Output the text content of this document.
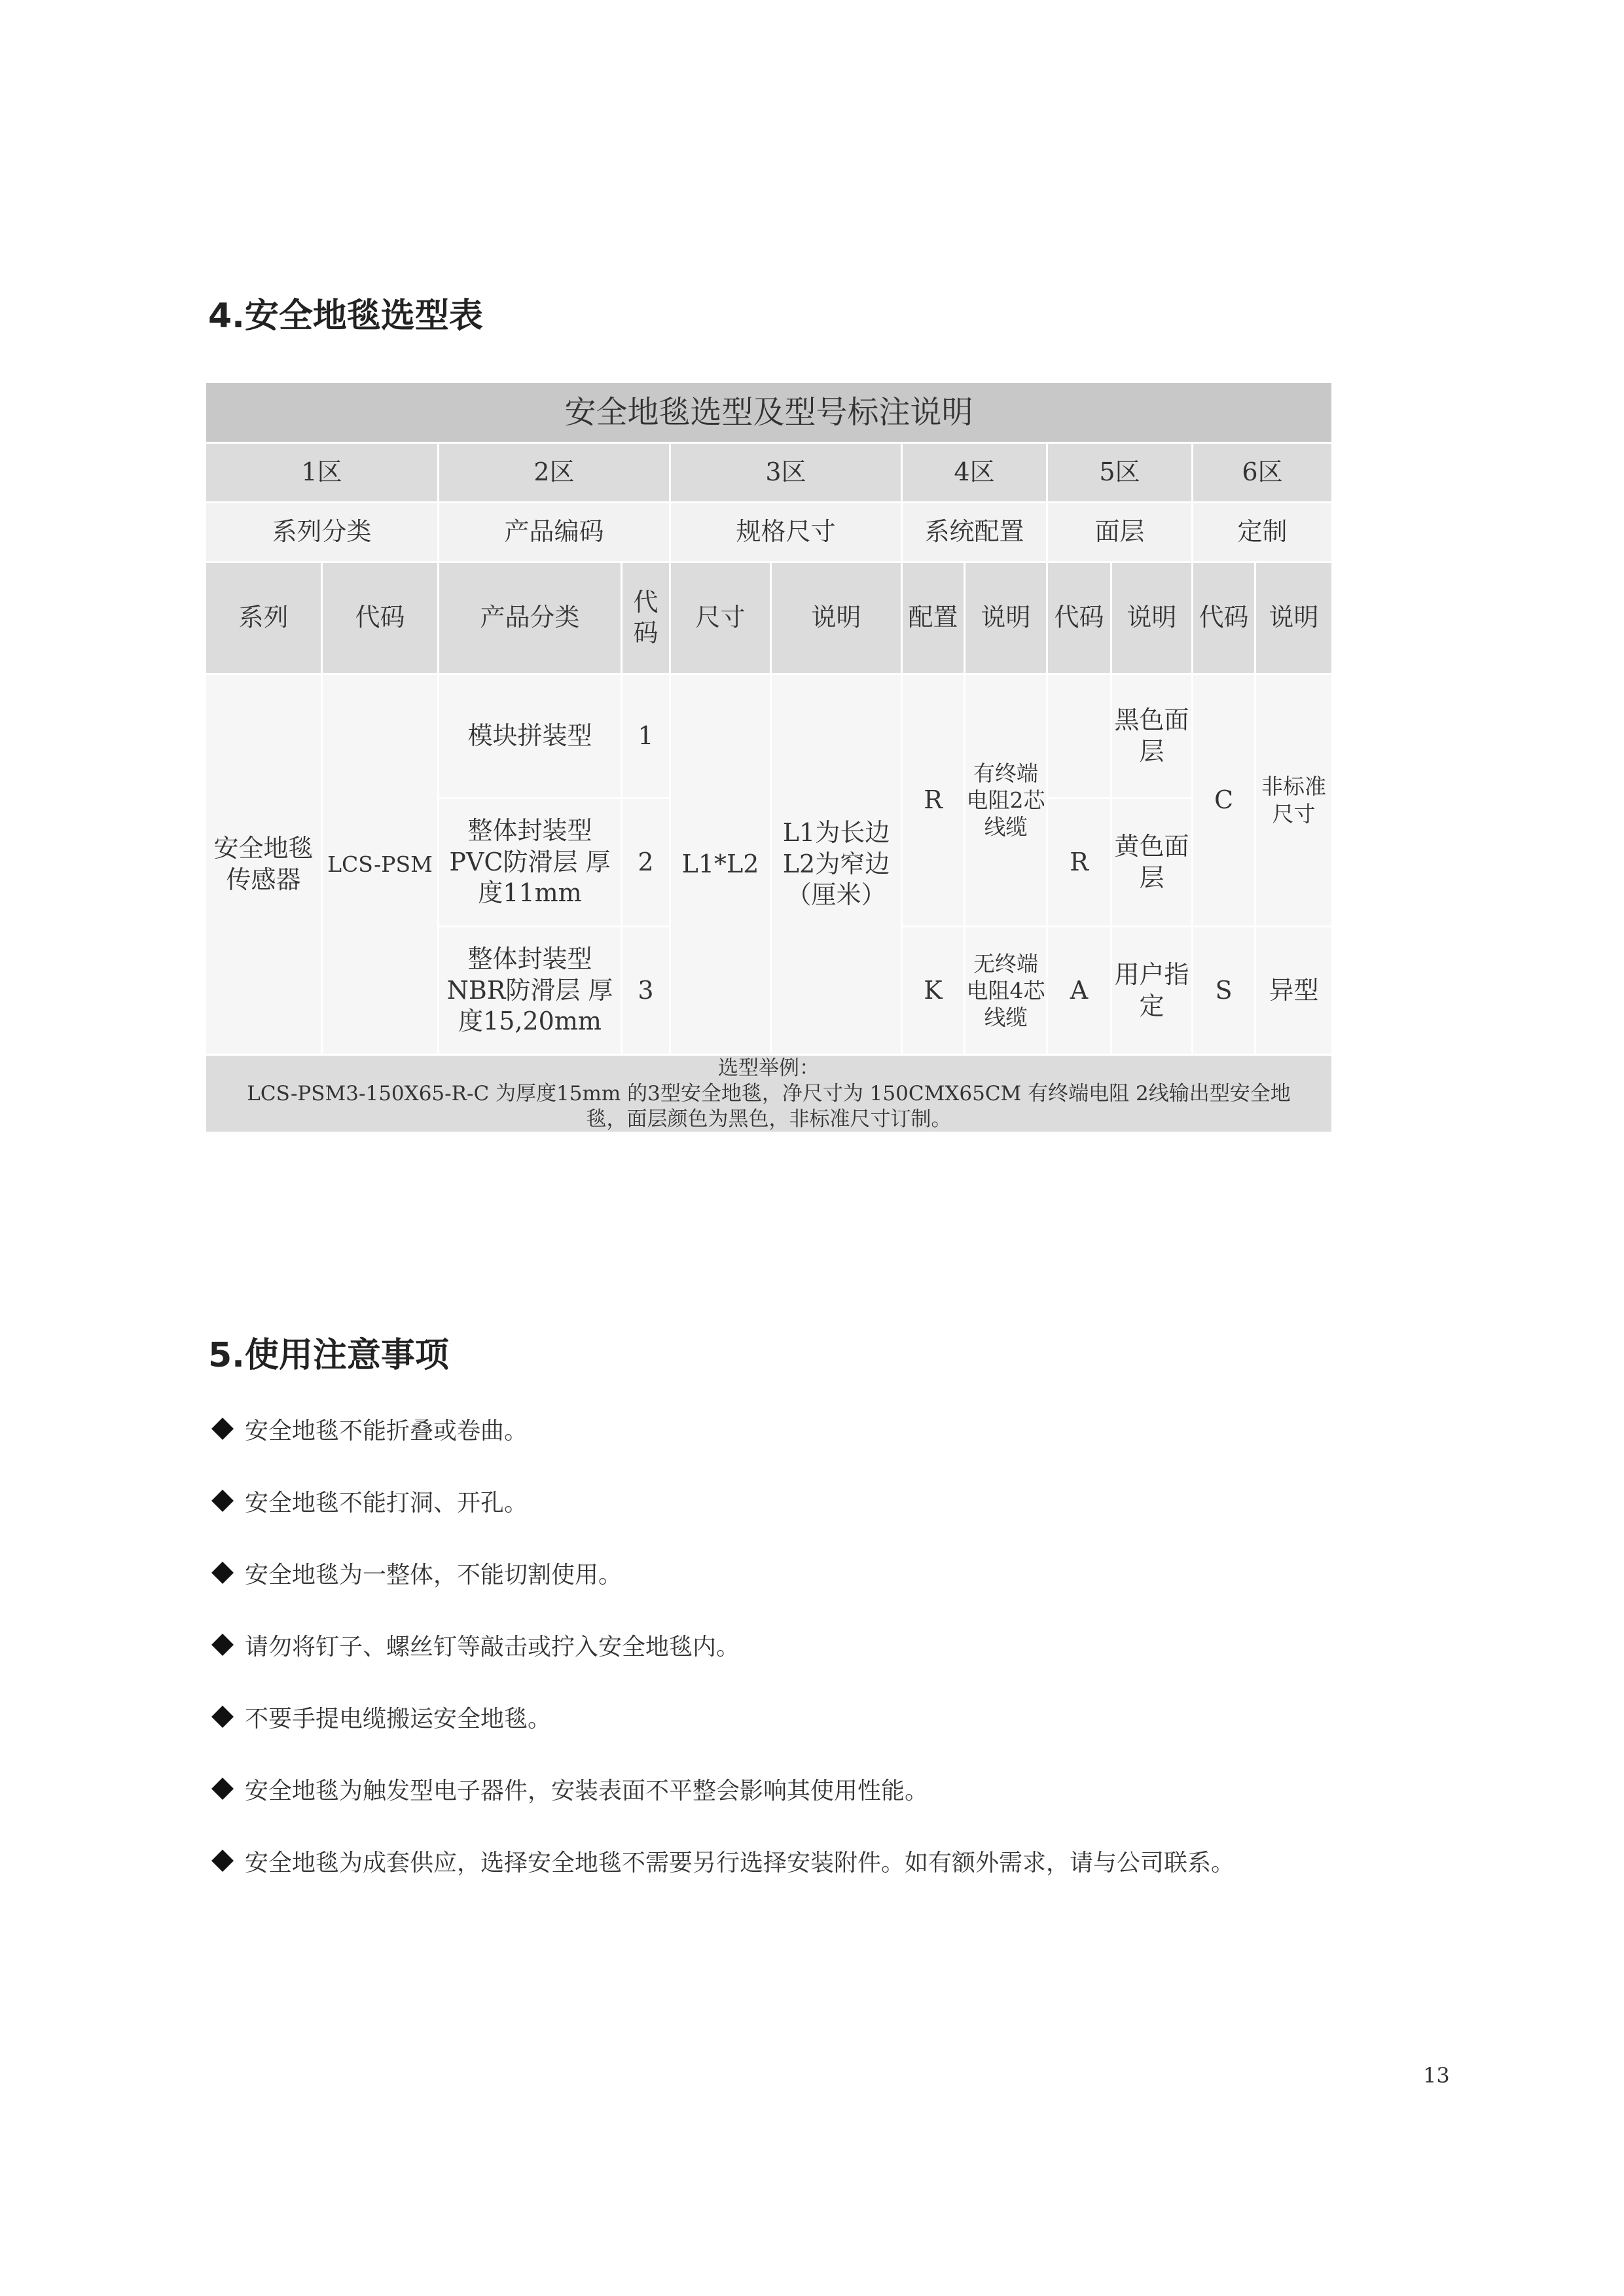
4.安全地毯选型表
安全地毯选型及型号标注说明											
1区		2区		3区		4区		5区		6区	
系列分类		产品编码		规格尺寸		系统配置		面层		定制	
系列	代码	产品分类	代码	尺寸	说明	配置	说明	代码	说明	代码	说明
安全地毯传感器	LCS-PSM	模块拼装型	1	L1*L2	L1为长边 L2为窄边（厘米）	R	有终端电阻2芯线缆		黑色面层	C	非标准尺寸
		整体封装型 PVC防滑层 厚度11mm	2					R	黄色面层		
		整体封装型 NBR防滑层 厚度15,20mm	3			K	无终端电阻4芯线缆	A	用户指定	S	异型

选型举例：
LCS-PSM3-150X65-R-C 为厚度15mm 的3型安全地毯，净尺寸为 150CMX65CM 有终端电阻 2线输出型安全地
毯，面层颜色为黑色，非标准尺寸订制。											
5.使用注意事项
安全地毯不能折叠或卷曲。
安全地毯不能打洞、开孔。
安全地毯为一整体，不能切割使用。
请勿将钉子、螺丝钉等敲击或拧入安全地毯内。
不要手提电缆搬运安全地毯。
安全地毯为触发型电子器件，安装表面不平整会影响其使用性能。
安全地毯为成套供应，选择安全地毯不需要另行选择安装附件。如有额外需求，请与公司联系。
13
